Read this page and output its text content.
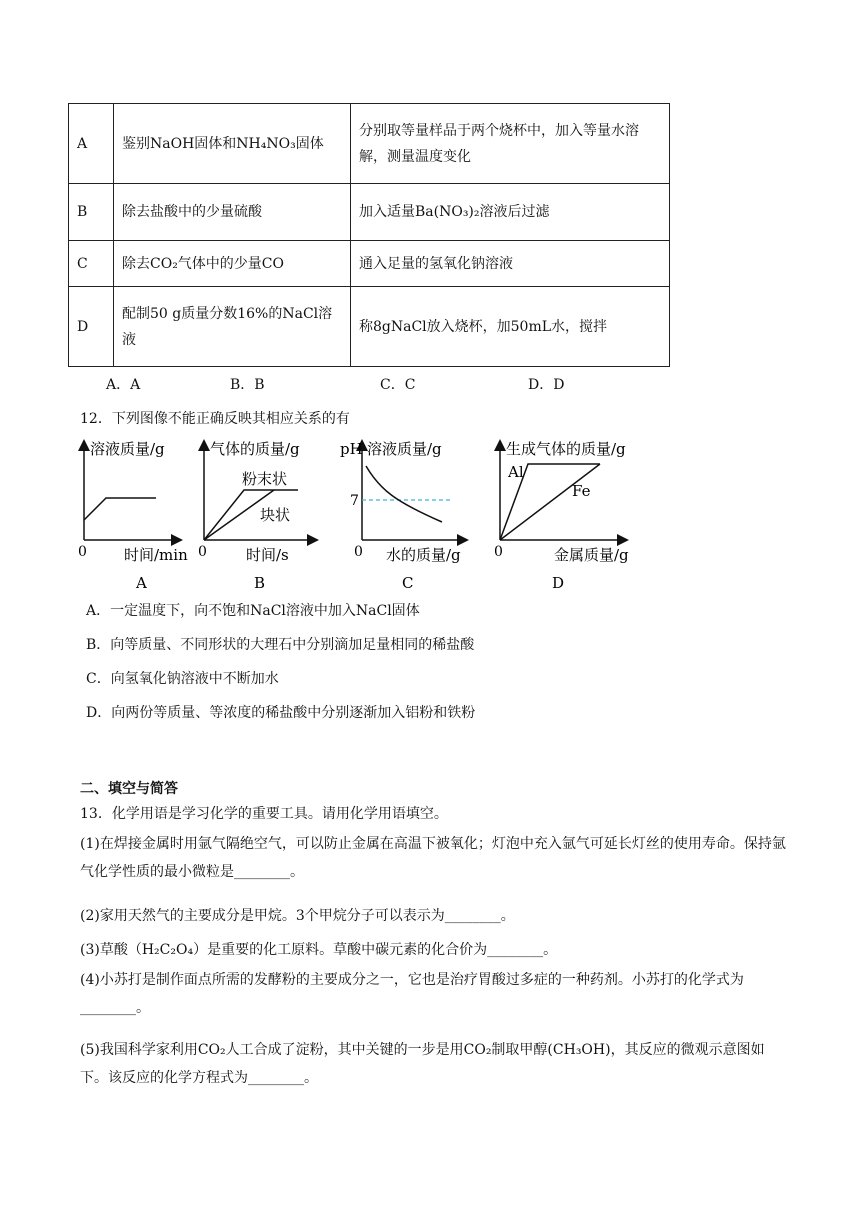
A	鉴别NaOH固体和NH₄NO₃固体	分别取等量样品于两个烧杯中，加入等量水溶解，测量温度变化
B	除去盐酸中的少量硫酸	加入适量Ba(NO₃)₂溶液后过滤
C	除去CO₂气体中的少量CO	通入足量的氢氧化钠溶液
D	配制50 g质量分数16%的NaCl溶液	称8gNaCl放入烧杯，加50mL水，搅拌
A．A	B．B	C．C	D．D
12．下列图像不能正确反映其相应关系的有
溶液质量/g
0 时间/min
A
气体的质量/g
粉末状
块状
0	时间/s
B
pH 溶液质量/g
7
0 水的质量/g
C
生成气体的质量/g
Al
Fe
0	金属质量/g
D
A．一定温度下，向不饱和NaCl溶液中加入NaCl固体
B．向等质量、不同形状的大理石中分别滴加足量相同的稀盐酸
C．向氢氧化钠溶液中不断加水
D．向两份等质量、等浓度的稀盐酸中分别逐渐加入铝粉和铁粉
二、填空与简答
13．化学用语是学习化学的重要工具。请用化学用语填空。
(1)在焊接金属时用氩气隔绝空气，可以防止金属在高温下被氧化；灯泡中充入氩气可延长灯丝的使用寿命。保持氩气化学性质的最小微粒是________。
(2)家用天然气的主要成分是甲烷。3个甲烷分子可以表示为________。
(3)草酸（H₂C₂O₄）是重要的化工原料。草酸中碳元素的化合价为________。
(4)小苏打是制作面点所需的发酵粉的主要成分之一，它也是治疗胃酸过多症的一种药剂。小苏打的化学式为________。
(5)我国科学家利用CO₂人工合成了淀粉，其中关键的一步是用CO₂制取甲醇(CH₃OH)，其反应的微观示意图如下。该反应的化学方程式为________。
